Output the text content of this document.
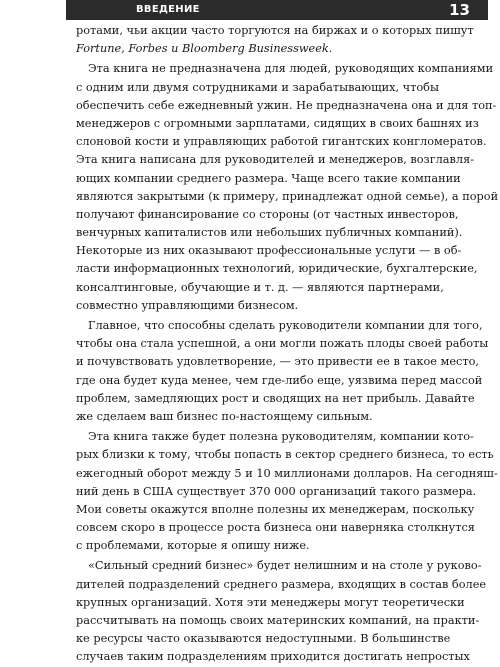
ВВЕДЕНИЕ	13
ротами, чьи акции часто торгуются на биржах и о которых пишут
Fortune, Forbes и Bloomberg Businessweek.
Эта книга не предназначена для людей, руководящих компаниями
с одним или двумя сотрудниками и зарабатывающих, чтобы
обеспечить себе ежедневный ужин. Не предназначена она и для топ-
менеджеров с огромными зарплатами, сидящих в своих башнях из
слоновой кости и управляющих работой гигантских конгломератов.
Эта книга написана для руководителей и менеджеров, возглавля-
ющих компании среднего размера. Чаще всего такие компании
являются закрытыми (к примеру, принадлежат одной семье), а порой
получают финансирование со стороны (от частных инвесторов,
венчурных капиталистов или небольших публичных компаний).
Некоторые из них оказывают профессиональные услуги — в об-
ласти информационных технологий, юридические, бухгалтерские,
консалтинговые, обучающие и т. д. — являются партнерами,
совместно управляющими бизнесом.
Главное, что способны сделать руководители компании для того,
чтобы она стала успешной, а они могли пожать плоды своей работы
и почувствовать удовлетворение, — это привести ее в такое место,
где она будет куда менее, чем где-либо еще, уязвима перед массой
проблем, замедляющих рост и сводящих на нет прибыль. Давайте
же сделаем ваш бизнес по-настоящему сильным.
Эта книга также будет полезна руководителям, компании кото-
рых близки к тому, чтобы попасть в сектор среднего бизнеса, то есть
ежегодный оборот между 5 и 10 миллионами долларов. На сегодняш-
ний день в США существует 370 000 организаций такого размера.
Мои советы окажутся вполне полезны их менеджерам, поскольку
совсем скоро в процессе роста бизнеса они наверняка столкнутся
с проблемами, которые я опишу ниже.
«Сильный средний бизнес» будет нелишним и на столе у руково-
дителей подразделений среднего размера, входящих в состав более
крупных организаций. Хотя эти менеджеры могут теоретически
рассчитывать на помощь своих материнских компаний, на практи-
ке ресурсы часто оказываются недоступными. В большинстве
случаев таким подразделениям приходится достигать непростых
